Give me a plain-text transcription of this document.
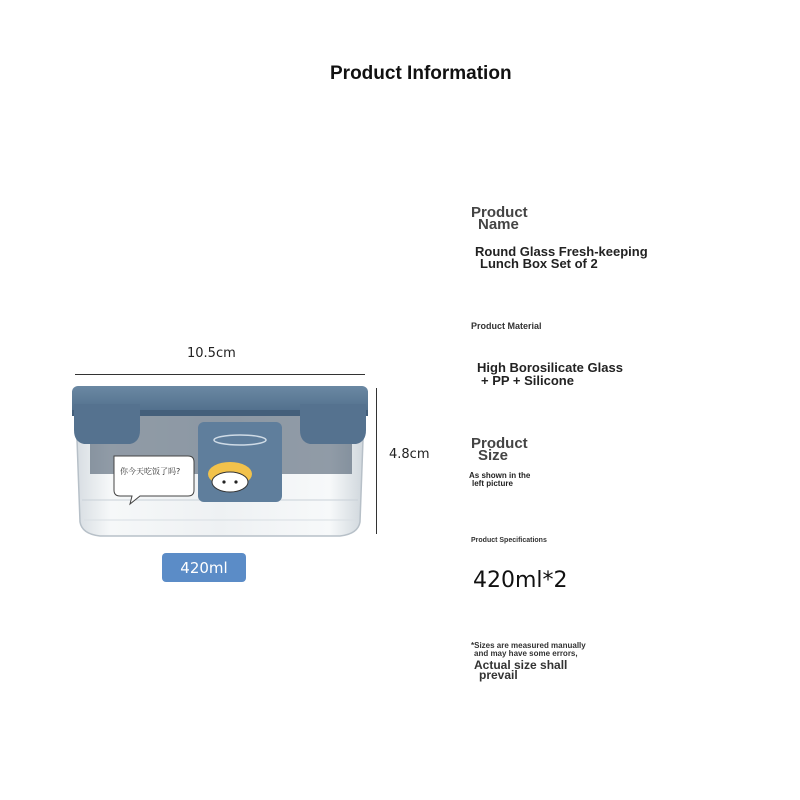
Product Information
10.5cm
4.8cm
你今天吃饭了吗?
420ml
Product
Name
Round Glass Fresh-keeping
Lunch Box Set of 2
Product Material
High Borosilicate Glass
+ PP + Silicone
Product
Size
As shown in the
left picture
Product Specifications
420ml*2
*Sizes are measured manually
and may have some errors,
Actual size shall
prevail
